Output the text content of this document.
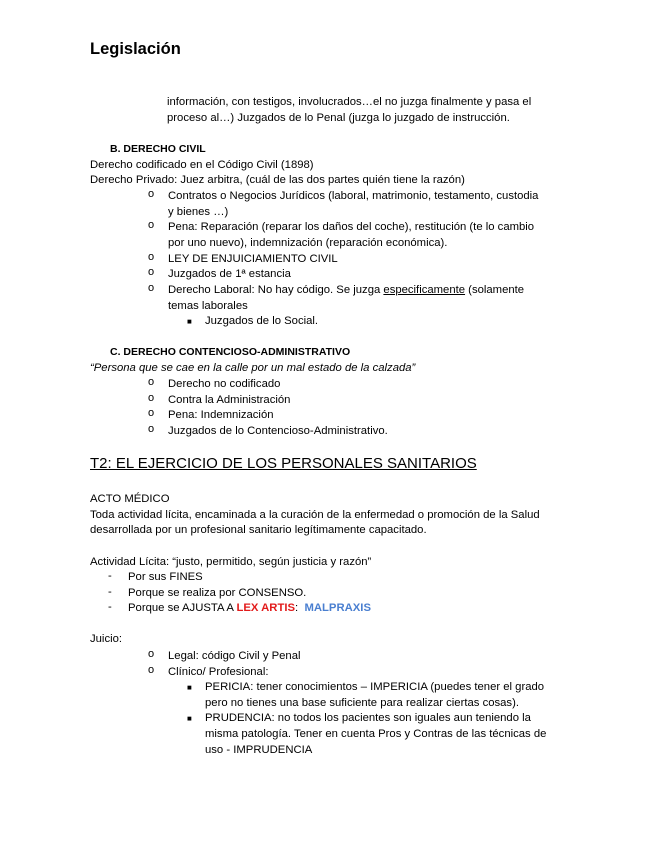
Legislación
información, con testigos, involucrados…el no juzga finalmente y pasa el
proceso al…) Juzgados de lo Penal (juzga lo juzgado de instrucción.
B. DERECHO CIVIL
Derecho codificado en el Código Civil (1898)
Derecho Privado: Juez arbitra, (cuál de las dos partes quién tiene la razón)
o Contratos o Negocios Jurídicos (laboral, matrimonio, testamento, custodia
y bienes …)
o Pena: Reparación (reparar los daños del coche), restitución (te lo cambio
por uno nuevo), indemnización (reparación económica).
o LEY DE ENJUICIAMIENTO CIVIL
o Juzgados de 1ª estancia
o Derecho Laboral: No hay código. Se juzga especificamente (solamente
temas laborales
■ Juzgados de lo Social.
C. DERECHO CONTENCIOSO-ADMINISTRATIVO
“Persona que se cae en la calle por un mal estado de la calzada”
o Derecho no codificado
o Contra la Administración
o Pena: Indemnización
o Juzgados de lo Contencioso-Administrativo.
T2: EL EJERCICIO DE LOS PERSONALES SANITARIOS
ACTO MÉDICO
Toda actividad lícita, encaminada a la curación de la enfermedad o promoción de la Salud
desarrollada por un profesional sanitario legítimamente capacitado.
Actividad Lícita: “justo, permitido, según justicia y razón”
- Por sus FINES
- Porque se realiza por CONSENSO.
- Porque se AJUSTA A LEX ARTIS: MALPRAXIS
Juicio:
o Legal: código Civil y Penal
o Clínico/ Profesional:
■ PERICIA: tener conocimientos – IMPERICIA (puedes tener el grado
pero no tienes una base suficiente para realizar ciertas cosas).
■ PRUDENCIA: no todos los pacientes son iguales aun teniendo la
misma patología. Tener en cuenta Pros y Contras de las técnicas de
uso - IMPRUDENCIA
